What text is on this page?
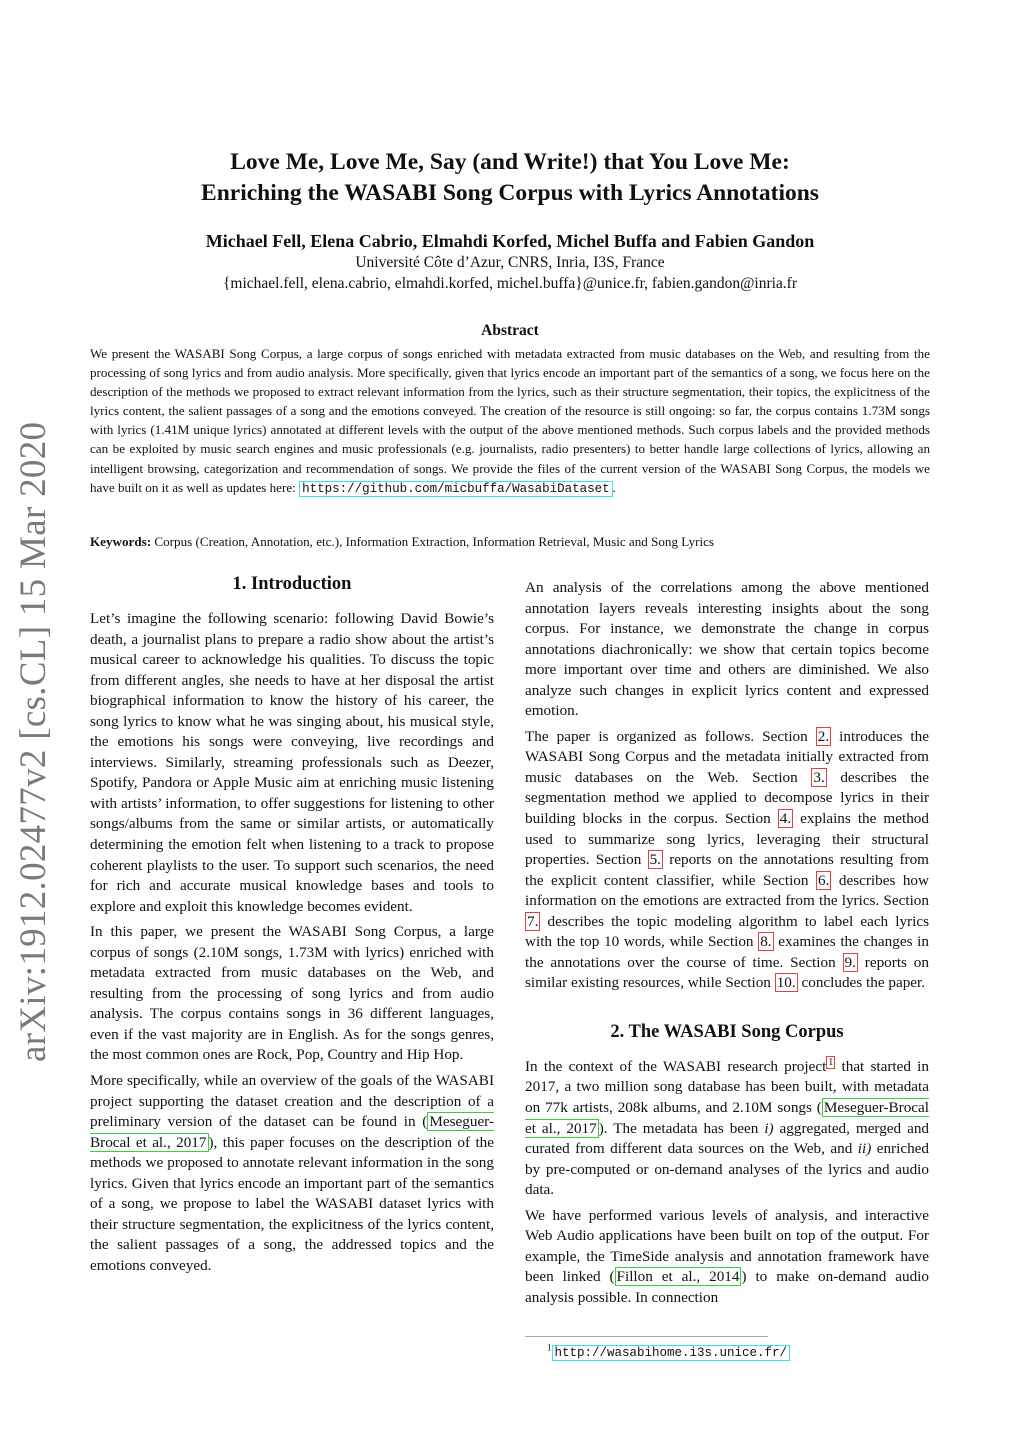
arXiv:1912.02477v2 [cs.CL] 15 Mar 2020
Love Me, Love Me, Say (and Write!) that You Love Me:
Enriching the WASABI Song Corpus with Lyrics Annotations
Michael Fell, Elena Cabrio, Elmahdi Korfed, Michel Buffa and Fabien Gandon
Université Côte d’Azur, CNRS, Inria, I3S, France
{michael.fell, elena.cabrio, elmahdi.korfed, michel.buffa}@unice.fr, fabien.gandon@inria.fr
Abstract

We present the WASABI Song Corpus, a large corpus of songs enriched with metadata extracted from music databases on the Web, and resulting from the processing of song lyrics and from audio analysis. More specifically, given that lyrics encode an important part of the semantics of a song, we focus here on the description of the methods we proposed to extract relevant information from the lyrics, such as their structure segmentation, their topics, the explicitness of the lyrics content, the salient passages of a song and the emotions conveyed. The creation of the resource is still ongoing: so far, the corpus contains 1.73M songs with lyrics (1.41M unique lyrics) annotated at different levels with the output of the above mentioned methods. Such corpus labels and the provided methods can be exploited by music search engines and music professionals (e.g. journalists, radio presenters) to better handle large collections of lyrics, allowing an intelligent browsing, categorization and recommendation of songs. We provide the files of the current version of the WASABI Song Corpus, the models we have built on it as well as updates here: https://github.com/micbuffa/WasabiDataset .

Keywords: Corpus (Creation, Annotation, etc.), Information Extraction, Information Retrieval, Music and Song Lyrics
1. Introduction

Let’s imagine the following scenario: following David Bowie’s death, a journalist plans to prepare a radio show about the artist’s musical career to acknowledge his qualities. To discuss the topic from different angles, she needs to have at her disposal the artist biographical information to know the history of his career, the song lyrics to know what he was singing about, his musical style, the emotions his songs were conveying, live recordings and interviews. Similarly, streaming professionals such as Deezer, Spotify, Pandora or Apple Music aim at enriching music listening with artists’ information, to offer suggestions for listening to other songs/albums from the same or similar artists, or automatically determining the emotion felt when listening to a track to propose coherent playlists to the user. To support such scenarios, the need for rich and accurate musical knowledge bases and tools to explore and exploit this knowledge becomes evident.

In this paper, we present the WASABI Song Corpus, a large corpus of songs (2.10M songs, 1.73M with lyrics) enriched with metadata extracted from music databases on the Web, and resulting from the processing of song lyrics and from audio analysis. The corpus contains songs in 36 different languages, even if the vast majority are in English. As for the songs genres, the most common ones are Rock, Pop, Country and Hip Hop.

More specifically, while an overview of the goals of the WASABI project supporting the dataset creation and the description of a preliminary version of the dataset can be found in ( Meseguer-Brocal et al., 2017 ), this paper focuses on the description of the methods we proposed to annotate relevant information in the song lyrics. Given that lyrics encode an important part of the semantics of a song, we propose to label the WASABI dataset lyrics with their structure segmentation, the explicitness of the lyrics content, the salient passages of a song, the addressed topics and the emotions conveyed.

An analysis of the correlations among the above mentioned annotation layers reveals interesting insights about the song corpus. For instance, we demonstrate the change in corpus annotations diachronically: we show that certain topics become more important over time and others are diminished. We also analyze such changes in explicit lyrics content and expressed emotion.

The paper is organized as follows. Section 2. introduces the WASABI Song Corpus and the metadata initially extracted from music databases on the Web. Section 3. describes the segmentation method we applied to decompose lyrics in their building blocks in the corpus. Section 4. explains the method used to summarize song lyrics, leveraging their structural properties. Section 5. reports on the annotations resulting from the explicit content classifier, while Section 6. describes how information on the emotions are extracted from the lyrics. Section 7. describes the topic modeling algorithm to label each lyrics with the top 10 words, while Section 8. examines the changes in the annotations over the course of time. Section 9. reports on similar existing resources, while Section 10. concludes the paper.

2. The WASABI Song Corpus

In the context of the WASABI research project $^1$ that started in 2017, a two million song database has been built, with metadata on 77k artists, 208k albums, and 2.10M songs ( Meseguer-Brocal et al., 2017 ). The metadata has been i) aggregated, merged and curated from different data sources on the Web, and ii) enriched by pre-computed or on-demand analyses of the lyrics and audio data.

We have performed various levels of analysis, and interactive Web Audio applications have been built on top of the output. For example, the TimeSide analysis and annotation framework have been linked ( Fillon et al., 2014 ) to make on-demand audio analysis possible. In connection

$^1$ http://wasabihome.i3s.unice.fr/
